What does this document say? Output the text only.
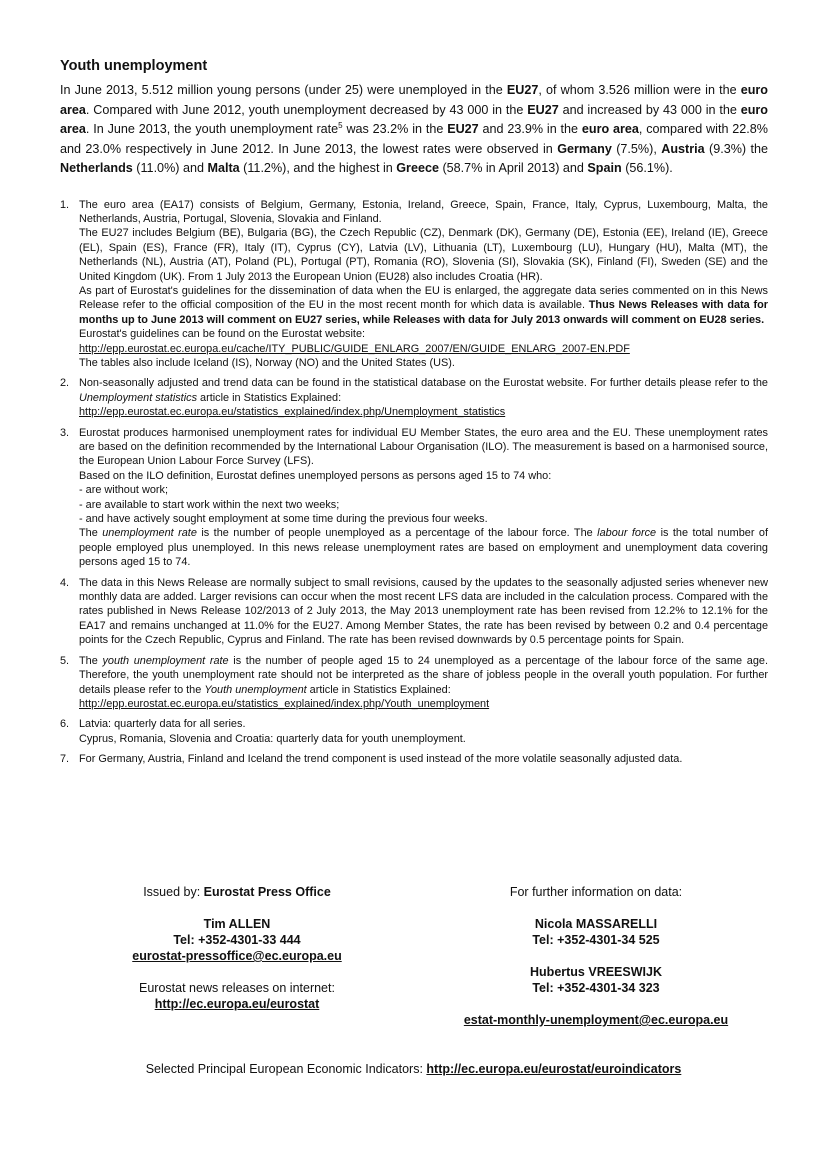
Youth unemployment

In June 2013, 5.512 million young persons (under 25) were unemployed in the EU27, of whom 3.526 million were in the euro area. Compared with June 2012, youth unemployment decreased by 43 000 in the EU27 and increased by 43 000 in the euro area. In June 2013, the youth unemployment rate$^5$ was 23.2% in the EU27 and 23.9% in the euro area, compared with 22.8% and 23.0% respectively in June 2012. In June 2013, the lowest rates were observed in Germany (7.5%), Austria (9.3%) the Netherlands (11.0%) and Malta (11.2%), and the highest in Greece (58.7% in April 2013) and Spain (56.1%).

1. The euro area (EA17) consists of Belgium, Germany, Estonia, Ireland, Greece, Spain, France, Italy, Cyprus, Luxembourg, Malta, the Netherlands, Austria, Portugal, Slovenia, Slovakia and Finland.

The EU27 includes Belgium (BE), Bulgaria (BG), the Czech Republic (CZ), Denmark (DK), Germany (DE), Estonia (EE), Ireland (IE), Greece (EL), Spain (ES), France (FR), Italy (IT), Cyprus (CY), Latvia (LV), Lithuania (LT), Luxembourg (LU), Hungary (HU), Malta (MT), the Netherlands (NL), Austria (AT), Poland (PL), Portugal (PT), Romania (RO), Slovenia (SI), Slovakia (SK), Finland (FI), Sweden (SE) and the United Kingdom (UK). From 1 July 2013 the European Union (EU28) also includes Croatia (HR).

As part of Eurostat's guidelines for the dissemination of data when the EU is enlarged, the aggregate data series commented on in this News Release refer to the official composition of the EU in the most recent month for which data is available. Thus News Releases with data for months up to June 2013 will comment on EU27 series, while Releases with data for July 2013 onwards will comment on EU28 series.

Eurostat's guidelines can be found on the Eurostat website:

http://epp.eurostat.ec.europa.eu/cache/ITY_PUBLIC/GUIDE_ENLARG_2007/EN/GUIDE_ENLARG_2007-EN.PDF

The tables also include Iceland (IS), Norway (NO) and the United States (US).

2. Non-seasonally adjusted and trend data can be found in the statistical database on the Eurostat website. For further details please refer to the Unemployment statistics article in Statistics Explained:

http://epp.eurostat.ec.europa.eu/statistics_explained/index.php/Unemployment_statistics

3. Eurostat produces harmonised unemployment rates for individual EU Member States, the euro area and the EU. These unemployment rates are based on the definition recommended by the International Labour Organisation (ILO). The measurement is based on a harmonised source, the European Union Labour Force Survey (LFS).

Based on the ILO definition, Eurostat defines unemployed persons as persons aged 15 to 74 who:

- are without work;

- are available to start work within the next two weeks;

- and have actively sought employment at some time during the previous four weeks.

The unemployment rate is the number of people unemployed as a percentage of the labour force. The labour force is the total number of people employed plus unemployed. In this news release unemployment rates are based on employment and unemployment data covering persons aged 15 to 74.

4. The data in this News Release are normally subject to small revisions, caused by the updates to the seasonally adjusted series whenever new monthly data are added. Larger revisions can occur when the most recent LFS data are included in the calculation process. Compared with the rates published in News Release 102/2013 of 2 July 2013, the May 2013 unemployment rate has been revised from 12.2% to 12.1% for the EA17 and remains unchanged at 11.0% for the EU27. Among Member States, the rate has been revised by between 0.2 and 0.4 percentage points for the Czech Republic, Cyprus and Finland. The rate has been revised downwards by 0.5 percentage points for Spain.

5. The youth unemployment rate is the number of people aged 15 to 24 unemployed as a percentage of the labour force of the same age. Therefore, the youth unemployment rate should not be interpreted as the share of jobless people in the overall youth population. For further details please refer to the Youth unemployment article in Statistics Explained:

http://epp.eurostat.ec.europa.eu/statistics_explained/index.php/Youth_unemployment

6. Latvia: quarterly data for all series.

Cyprus, Romania, Slovenia and Croatia: quarterly data for youth unemployment.

7. For Germany, Austria, Finland and Iceland the trend component is used instead of the more volatile seasonally adjusted data.

Issued by: Eurostat Press Office

Tim ALLEN

Tel: +352-4301-33 444

eurostat-pressoffice@ec.europa.eu

Eurostat news releases on internet:

http://ec.europa.eu/eurostat

For further information on data:

Nicola MASSARELLI

Tel: +352-4301-34 525

Hubertus VREESWIJK

Tel: +352-4301-34 323

estat-monthly-unemployment@ec.europa.eu

Selected Principal European Economic Indicators: http://ec.europa.eu/eurostat/euroindicators
